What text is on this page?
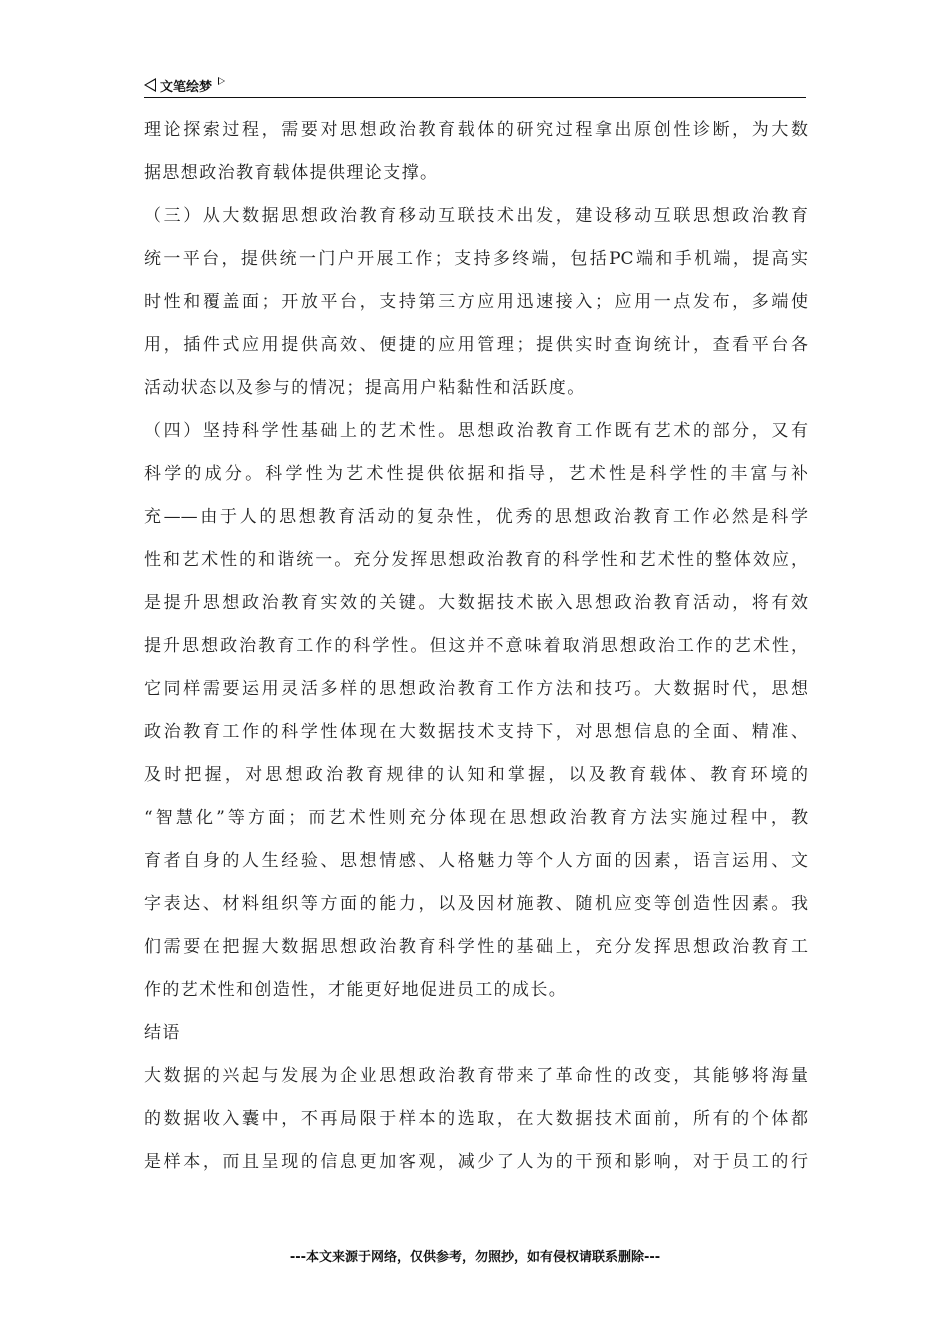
文笔绘梦
理论探索过程，需要对思想政治教育载体的研究过程拿出原创性诊断，为大数
据思想政治教育载体提供理论支撑。
（三）从大数据思想政治教育移动互联技术出发，建设移动互联思想政治教育
统一平台，提供统一门户开展工作；支持多终端，包括PC端和手机端，提高实
时性和覆盖面；开放平台，支持第三方应用迅速接入；应用一点发布，多端使
用，插件式应用提供高效、便捷的应用管理；提供实时查询统计，查看平台各
活动状态以及参与的情况；提高用户粘黏性和活跃度。
（四）坚持科学性基础上的艺术性。思想政治教育工作既有艺术的部分，又有
科学的成分。科学性为艺术性提供依据和指导，艺术性是科学性的丰富与补
充——由于人的思想教育活动的复杂性，优秀的思想政治教育工作必然是科学
性和艺术性的和谐统一。充分发挥思想政治教育的科学性和艺术性的整体效应，
是提升思想政治教育实效的关键。大数据技术嵌入思想政治教育活动，将有效
提升思想政治教育工作的科学性。但这并不意味着取消思想政治工作的艺术性，
它同样需要运用灵活多样的思想政治教育工作方法和技巧。大数据时代，思想
政治教育工作的科学性体现在大数据技术支持下，对思想信息的全面、精准、
及时把握，对思想政治教育规律的认知和掌握，以及教育载体、教育环境的
“智慧化”等方面；而艺术性则充分体现在思想政治教育方法实施过程中，教
育者自身的人生经验、思想情感、人格魅力等个人方面的因素，语言运用、文
字表达、材料组织等方面的能力，以及因材施教、随机应变等创造性因素。我
们需要在把握大数据思想政治教育科学性的基础上，充分发挥思想政治教育工
作的艺术性和创造性，才能更好地促进员工的成长。
结语
大数据的兴起与发展为企业思想政治教育带来了革命性的改变，其能够将海量
的数据收入囊中，不再局限于样本的选取，在大数据技术面前，所有的个体都
是样本，而且呈现的信息更加客观，减少了人为的干预和影响，对于员工的行
---本文来源于网络，仅供参考，勿照抄，如有侵权请联系删除---
